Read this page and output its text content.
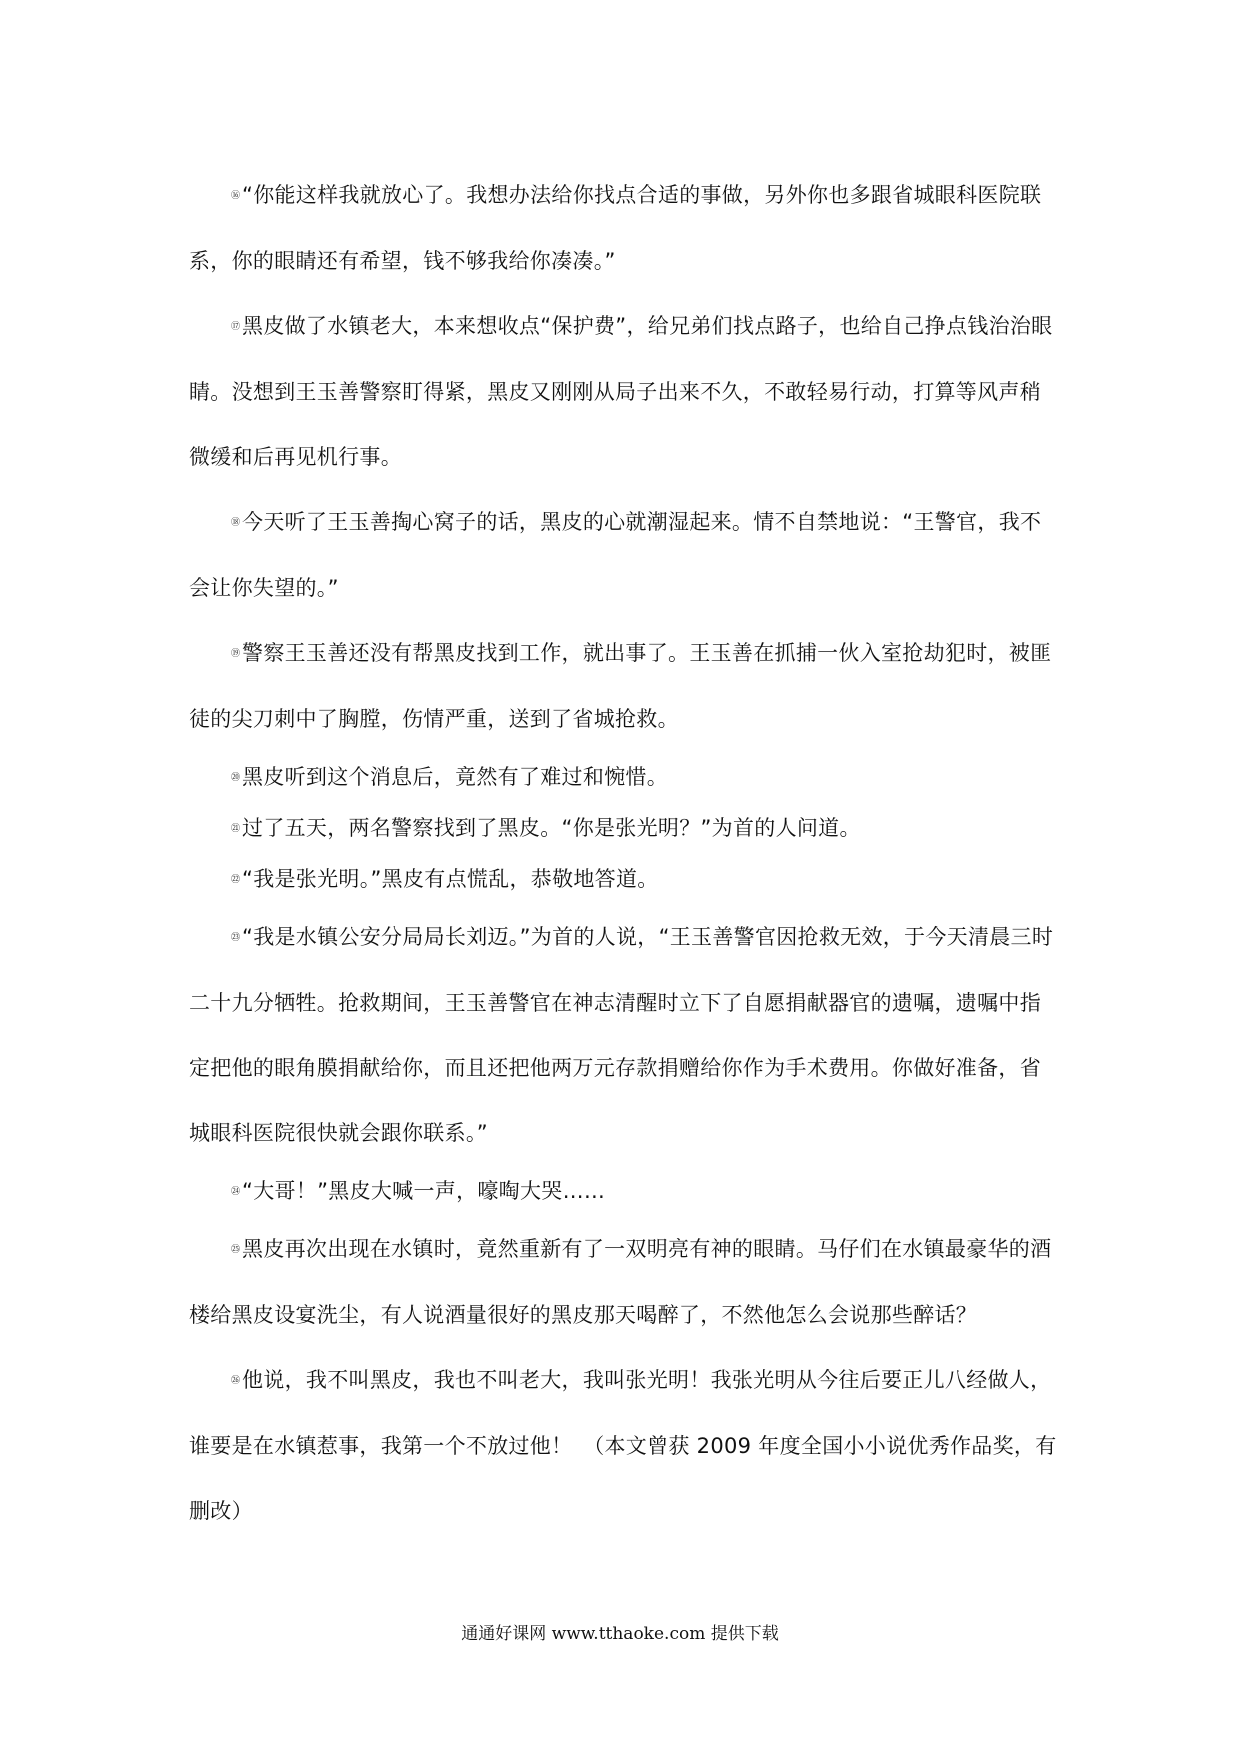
⑯“你能这样我就放心了。我想办法给你找点合适的事做，另外你也多跟省城眼科医院联系，你的眼睛还有希望，钱不够我给你凑凑。”

⑰黑皮做了水镇老大，本来想收点“保护费”，给兄弟们找点路子，也给自己挣点钱治治眼睛。没想到王玉善警察盯得紧，黑皮又刚刚从局子出来不久，不敢轻易行动，打算等风声稍微缓和后再见机行事。

⑱今天听了王玉善掏心窝子的话，黑皮的心就潮湿起来。情不自禁地说：“王警官，我不会让你失望的。”

⑲警察王玉善还没有帮黑皮找到工作，就出事了。王玉善在抓捕一伙入室抢劫犯时，被匪徒的尖刀刺中了胸膛，伤情严重，送到了省城抢救。

⑳黑皮听到这个消息后，竟然有了难过和惋惜。

㉑过了五天，两名警察找到了黑皮。“你是张光明？”为首的人问道。

㉒“我是张光明。”黑皮有点慌乱，恭敬地答道。

㉓“我是水镇公安分局局长刘迈。”为首的人说，“王玉善警官因抢救无效，于今天清晨三时二十九分牺牲。抢救期间，王玉善警官在神志清醒时立下了自愿捐献器官的遗嘱，遗嘱中指定把他的眼角膜捐献给你，而且还把他两万元存款捐赠给你作为手术费用。你做好准备，省城眼科医院很快就会跟你联系。”

㉔“大哥！”黑皮大喊一声，嚎啕大哭……

㉕黑皮再次出现在水镇时，竟然重新有了一双明亮有神的眼睛。马仔们在水镇最豪华的酒楼给黑皮设宴洗尘，有人说酒量很好的黑皮那天喝醉了，不然他怎么会说那些醉话？

㉖他说，我不叫黑皮，我也不叫老大，我叫张光明！我张光明从今往后要正儿八经做人，谁要是在水镇惹事，我第一个不放过他！　（本文曾获 2009 年度全国小小说优秀作品奖，有删改）

通通好课网 www.tthaoke.com 提供下载
